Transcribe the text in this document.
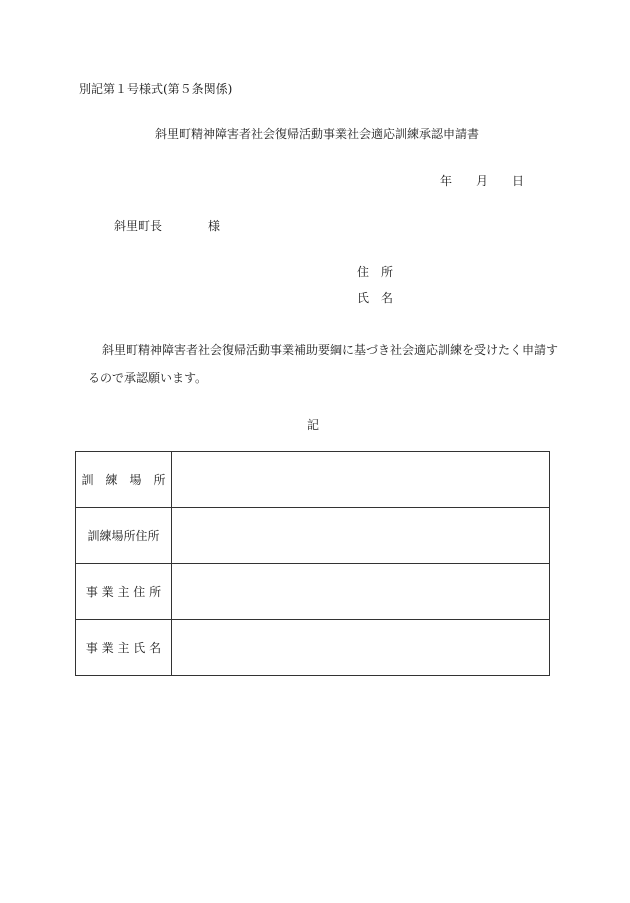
別記第１号様式(第５条関係)
斜里町精神障害者社会復帰活動事業社会適応訓練承認申請書
年 月 日
斜里町長	様
住　所
氏　名
斜里町精神障害者社会復帰活動事業補助要綱に基づき社会適応訓練を受けたく申請するので承認願います。
記
訓　練　場　所	
訓練場所住所	
事 業 主 住 所	
事 業 主 氏 名	
